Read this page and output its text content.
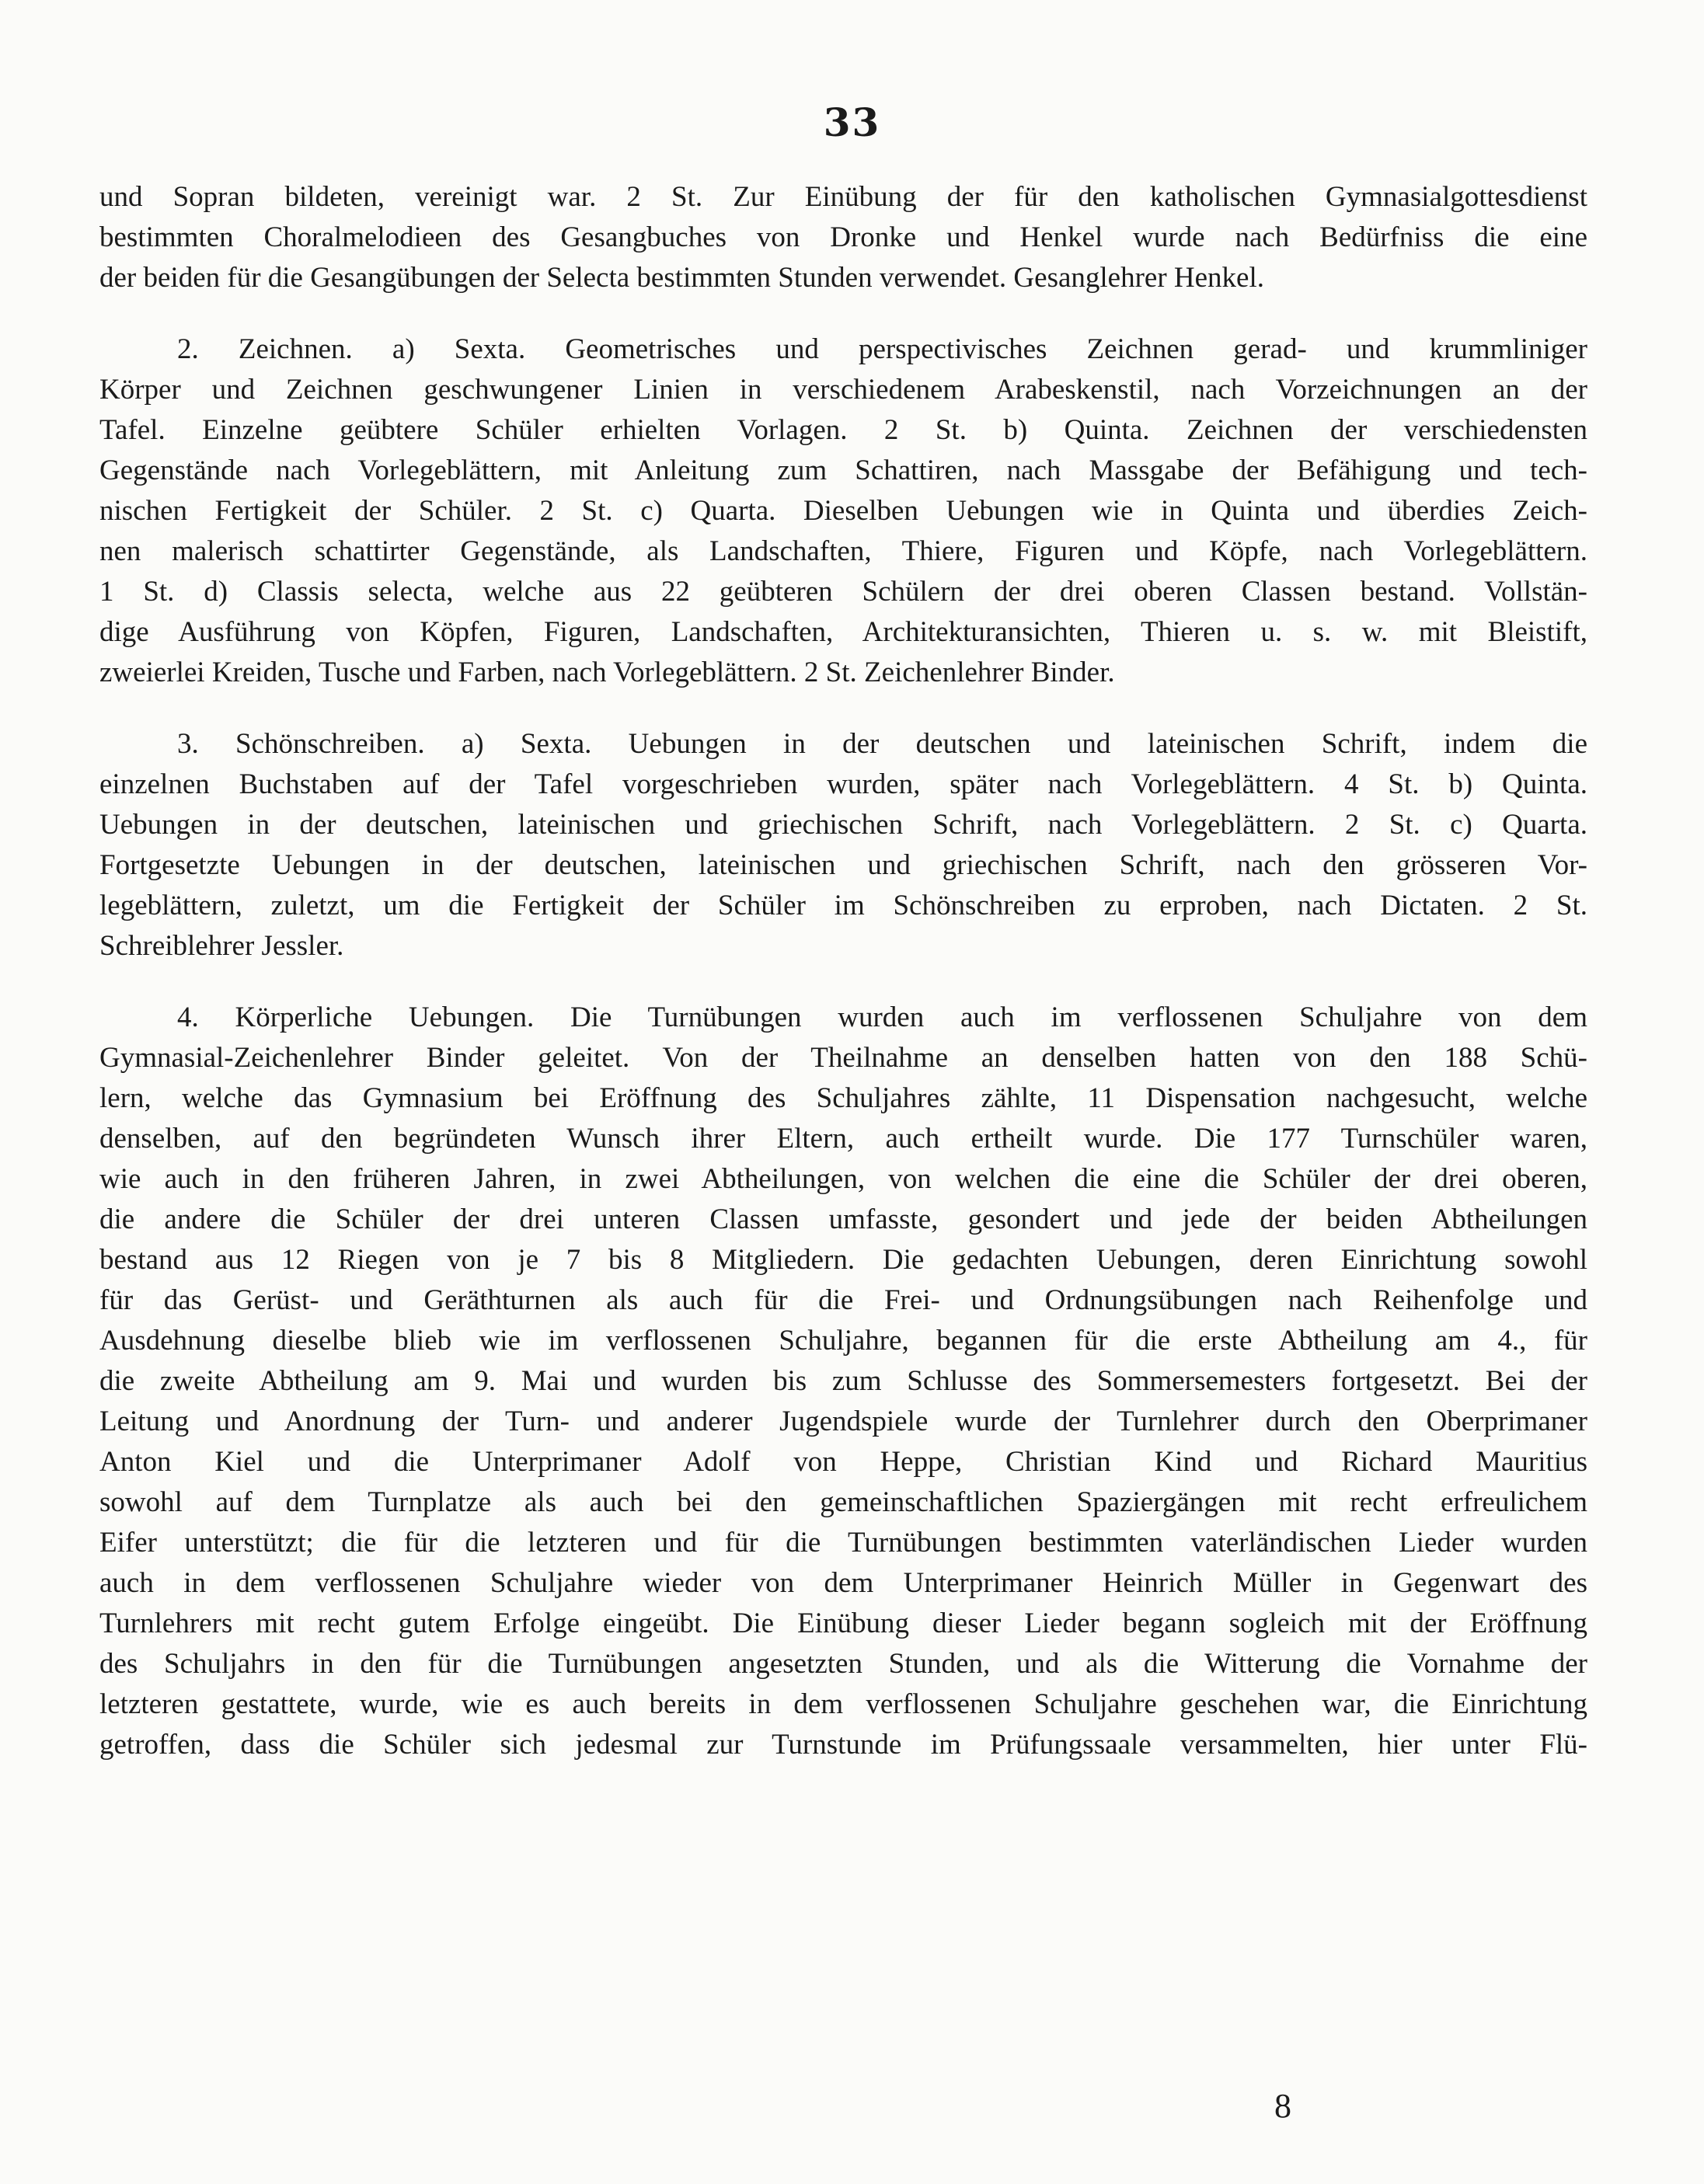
33

und Sopran bildeten, vereinigt war. 2 St. Zur Einübung der für den katholischen Gymnasialgottesdienst

bestimmten Choralmelodieen des Gesangbuches von Dronke und Henkel wurde nach Bedürfniss die eine

der beiden für die Gesangübungen der Selecta bestimmten Stunden verwendet. Gesanglehrer Henkel.

2. Zeichnen. a) Sexta. Geometrisches und perspectivisches Zeichnen gerad- und krummliniger

Körper und Zeichnen geschwungener Linien in verschiedenem Arabeskenstil, nach Vorzeichnungen an der

Tafel. Einzelne geübtere Schüler erhielten Vorlagen. 2 St. b) Quinta. Zeichnen der verschiedensten

Gegenstände nach Vorlegeblättern, mit Anleitung zum Schattiren, nach Massgabe der Befähigung und tech-

nischen Fertigkeit der Schüler. 2 St. c) Quarta. Dieselben Uebungen wie in Quinta und überdies Zeich-

nen malerisch schattirter Gegenstände, als Landschaften, Thiere, Figuren und Köpfe, nach Vorlegeblättern.

1 St. d) Classis selecta, welche aus 22 geübteren Schülern der drei oberen Classen bestand. Vollstän-

dige Ausführung von Köpfen, Figuren, Landschaften, Architekturansichten, Thieren u. s. w. mit Bleistift,

zweierlei Kreiden, Tusche und Farben, nach Vorlegeblättern. 2 St. Zeichenlehrer Binder.

3. Schönschreiben. a) Sexta. Uebungen in der deutschen und lateinischen Schrift, indem die

einzelnen Buchstaben auf der Tafel vorgeschrieben wurden, später nach Vorlegeblättern. 4 St. b) Quinta.

Uebungen in der deutschen, lateinischen und griechischen Schrift, nach Vorlegeblättern. 2 St. c) Quarta.

Fortgesetzte Uebungen in der deutschen, lateinischen und griechischen Schrift, nach den grösseren Vor-

legeblättern, zuletzt, um die Fertigkeit der Schüler im Schönschreiben zu erproben, nach Dictaten. 2 St.

Schreiblehrer Jessler.

4. Körperliche Uebungen. Die Turnübungen wurden auch im verflossenen Schuljahre von dem

Gymnasial-Zeichenlehrer Binder geleitet. Von der Theilnahme an denselben hatten von den 188 Schü-

lern, welche das Gymnasium bei Eröffnung des Schuljahres zählte, 11 Dispensation nachgesucht, welche

denselben, auf den begründeten Wunsch ihrer Eltern, auch ertheilt wurde. Die 177 Turnschüler waren,

wie auch in den früheren Jahren, in zwei Abtheilungen, von welchen die eine die Schüler der drei oberen,

die andere die Schüler der drei unteren Classen umfasste, gesondert und jede der beiden Abtheilungen

bestand aus 12 Riegen von je 7 bis 8 Mitgliedern. Die gedachten Uebungen, deren Einrichtung sowohl

für das Gerüst- und Geräthturnen als auch für die Frei- und Ordnungsübungen nach Reihenfolge und

Ausdehnung dieselbe blieb wie im verflossenen Schuljahre, begannen für die erste Abtheilung am 4., für

die zweite Abtheilung am 9. Mai und wurden bis zum Schlusse des Sommersemesters fortgesetzt. Bei der

Leitung und Anordnung der Turn- und anderer Jugendspiele wurde der Turnlehrer durch den Oberprimaner

Anton Kiel und die Unterprimaner Adolf von Heppe, Christian Kind und Richard Mauritius

sowohl auf dem Turnplatze als auch bei den gemeinschaftlichen Spaziergängen mit recht erfreulichem

Eifer unterstützt; die für die letzteren und für die Turnübungen bestimmten vaterländischen Lieder wurden

auch in dem verflossenen Schuljahre wieder von dem Unterprimaner Heinrich Müller in Gegenwart des

Turnlehrers mit recht gutem Erfolge eingeübt. Die Einübung dieser Lieder begann sogleich mit der Eröffnung

des Schuljahrs in den für die Turnübungen angesetzten Stunden, und als die Witterung die Vornahme der

letzteren gestattete, wurde, wie es auch bereits in dem verflossenen Schuljahre geschehen war, die Einrichtung

getroffen, dass die Schüler sich jedesmal zur Turnstunde im Prüfungssaale versammelten, hier unter Flü-

8
